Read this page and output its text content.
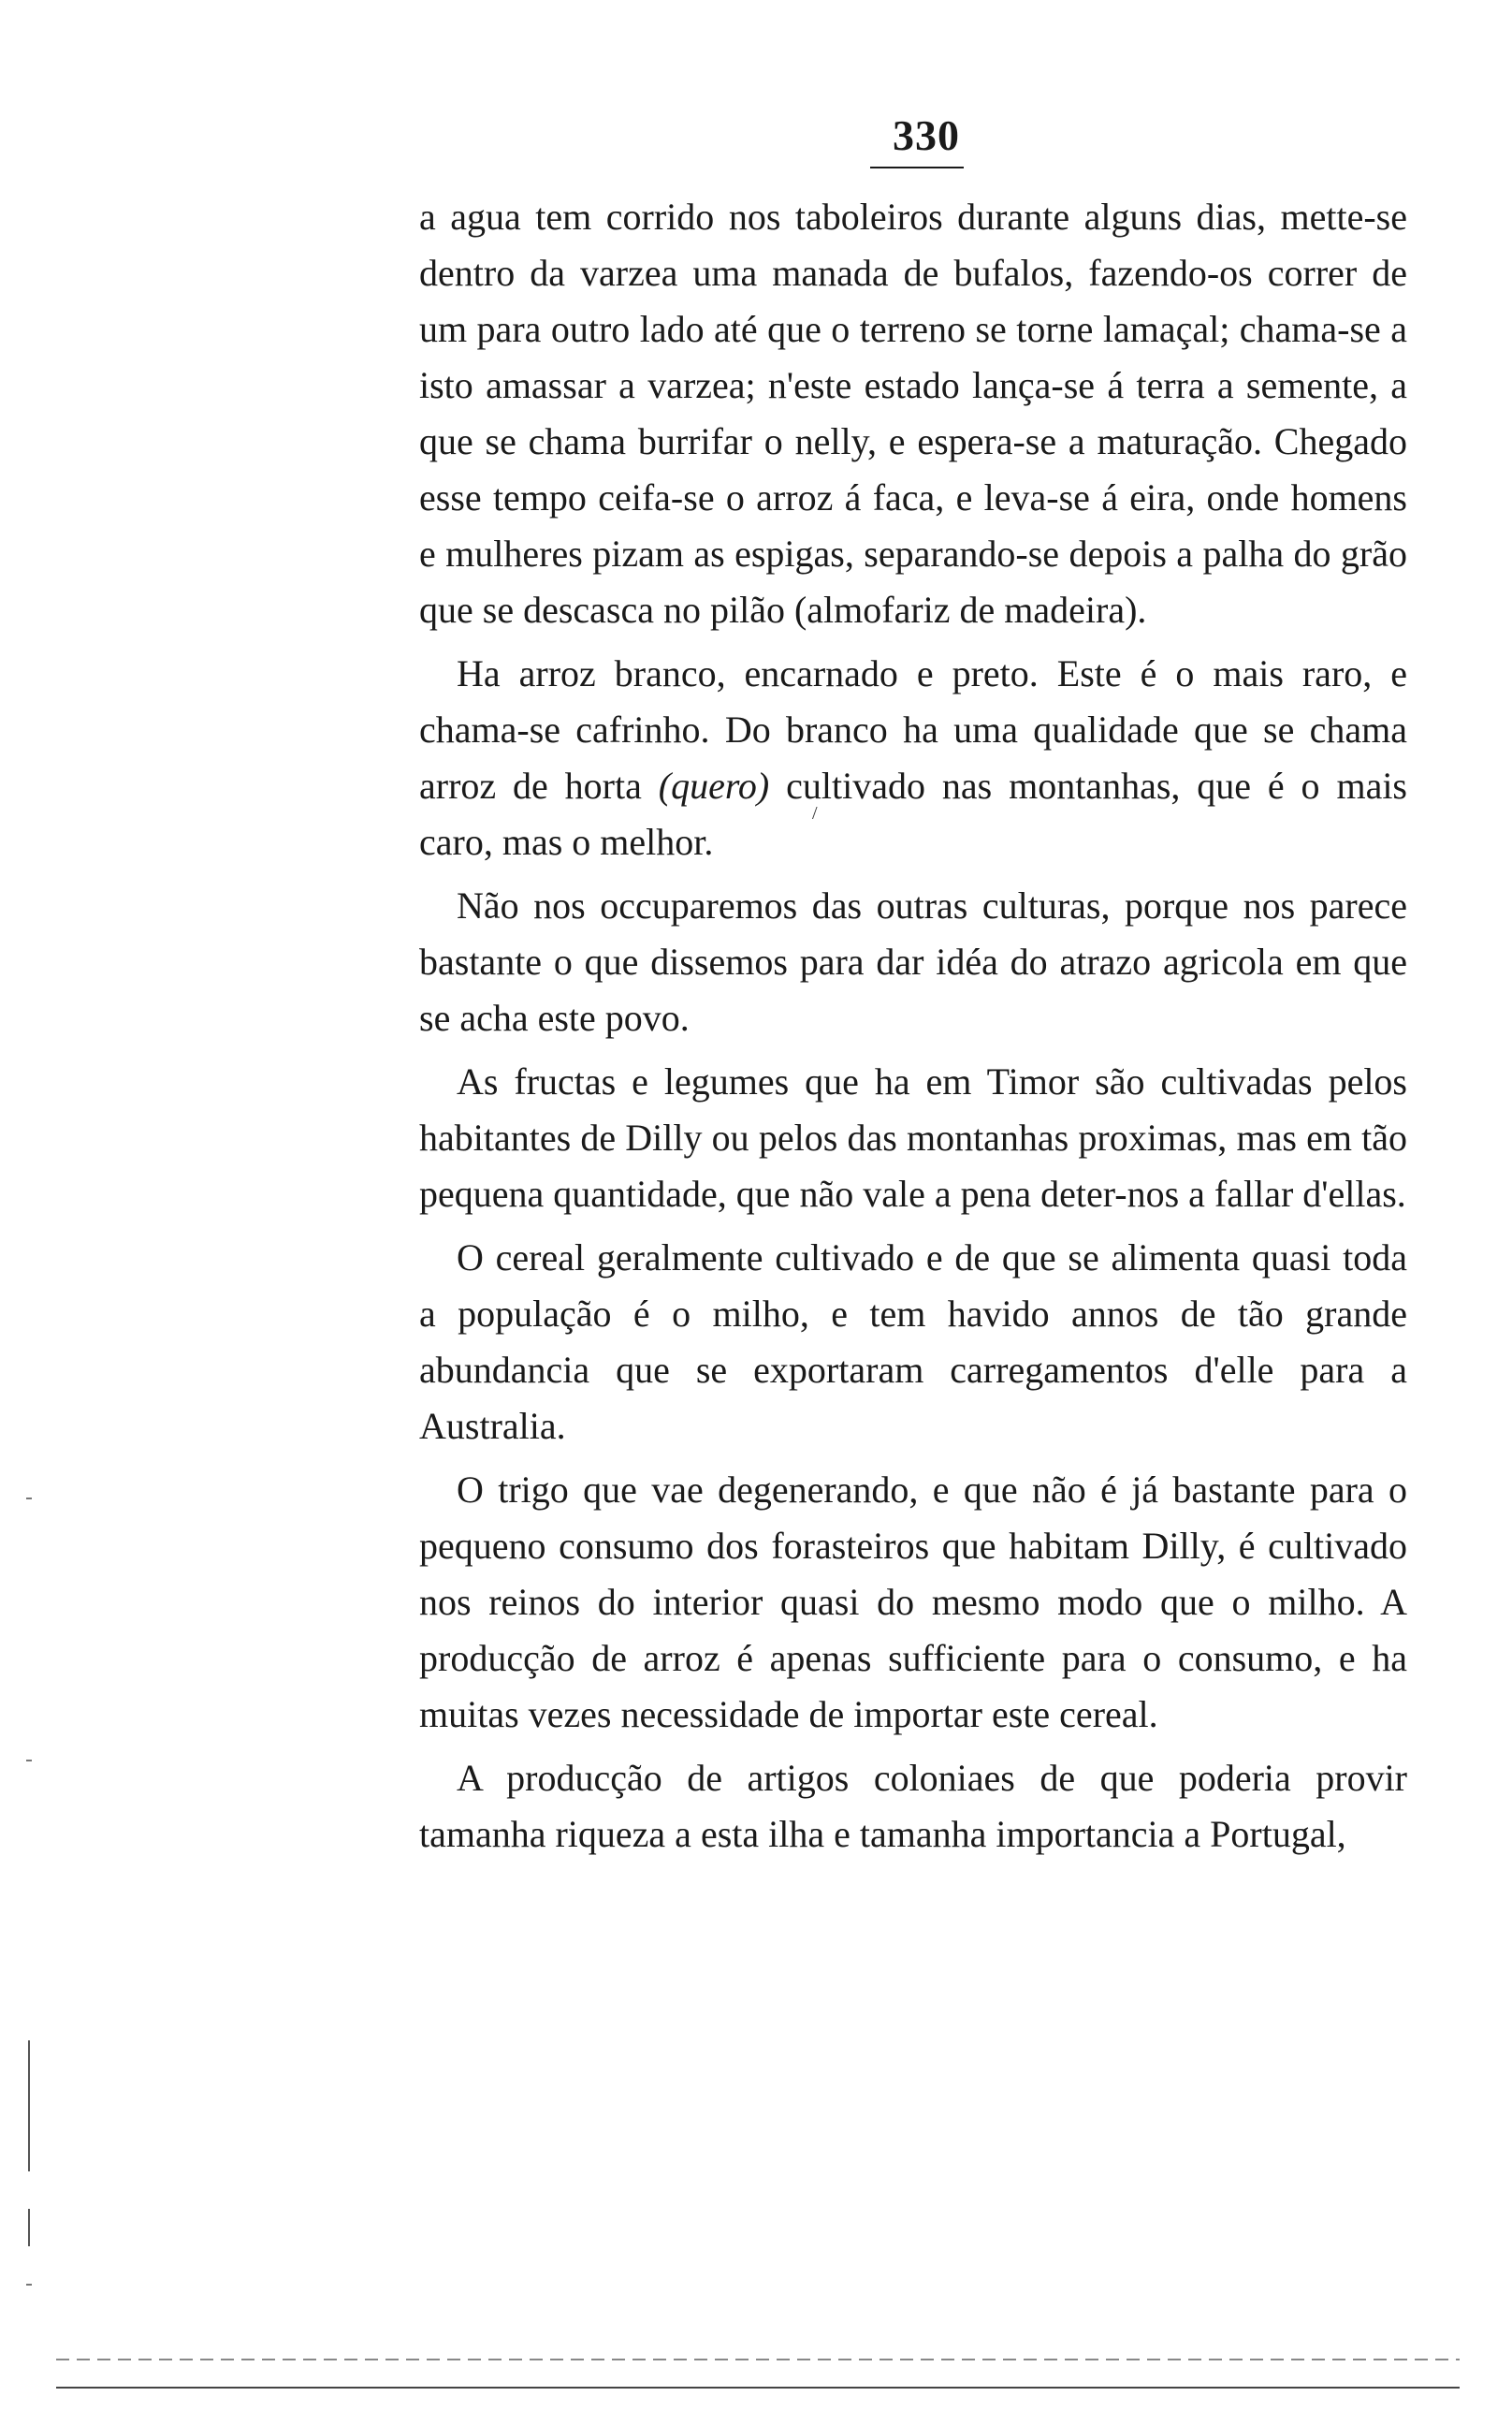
330
/

a agua tem corrido nos taboleiros durante alguns dias, mette-se dentro da varzea uma manada de bufalos, fazendo-os correr de um para outro lado até que o terreno se torne lamaçal; chama-se a isto amassar a varzea; n'este estado lança-se á terra a semente, a que se chama burrifar o nelly, e espera-se a maturação. Chegado esse tempo ceifa-se o arroz á faca, e leva-se á eira, onde homens e mulheres pizam as espigas, separando-se depois a palha do grão que se descasca no pilão (almofariz de madeira).

Ha arroz branco, encarnado e preto. Este é o mais raro, e chama-se cafrinho. Do branco ha uma qualidade que se chama arroz de horta (quero) cultivado nas montanhas, que é o mais caro, mas o melhor.

Não nos occuparemos das outras culturas, porque nos parece bastante o que dissemos para dar idéa do atrazo agricola em que se acha este povo.

As fructas e legumes que ha em Timor são cultivadas pelos habitantes de Dilly ou pelos das montanhas proximas, mas em tão pequena quantidade, que não vale a pena deter-nos a fallar d'ellas.

O cereal geralmente cultivado e de que se alimenta quasi toda a população é o milho, e tem havido annos de tão grande abundancia que se exportaram carregamentos d'elle para a Australia.

O trigo que vae degenerando, e que não é já bastante para o pequeno consumo dos forasteiros que habitam Dilly, é cultivado nos reinos do interior quasi do mesmo modo que o milho. A producção de arroz é apenas sufficiente para o consumo, e ha muitas vezes necessidade de importar este cereal.

A producção de artigos coloniaes de que poderia provir tamanha riqueza a esta ilha e tamanha importancia a Portugal,
